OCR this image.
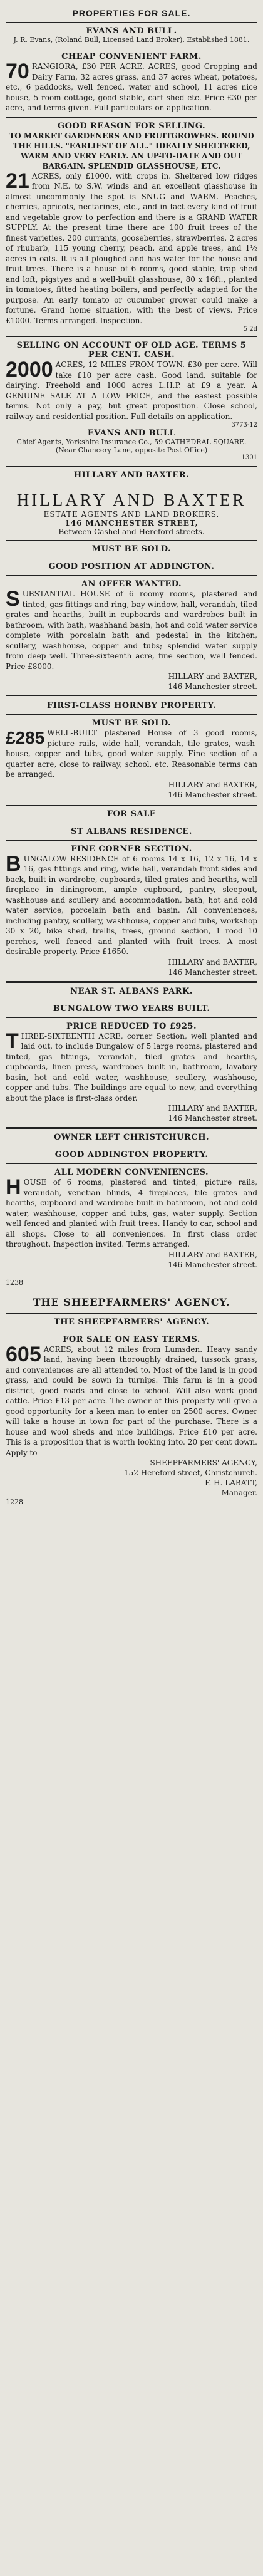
PROPERTIES FOR SALE.
EVANS AND BULL.
J. R. Evans, (Roland Bull, Licensed Land Broker). Established 1881.
CHEAP CONVENIENT FARM.
70 RANGIORA, £30 PER ACRE. ACRES, good Cropping and Dairy Farm, 32 acres grass, and 37 acres wheat, potatoes, etc., 6 paddocks, well fenced, water and school, 11 acres nice house, 5 room cottage, good stable, cart shed etc. Price £30 per acre, and terms given. Full particulars on application.
GOOD REASON FOR SELLING.
TO MARKET GARDENERS AND FRUITGROWERS. ROUND THE HILLS. "EARLIEST OF ALL." IDEALLY SHELTERED, WARM AND VERY EARLY. AN UP-TO-DATE AND OUT BARGAIN. SPLENDID GLASSHOUSE, ETC.
21 ACRES, only £1000, with crops in. Sheltered low ridges from N.E. to S.W. winds and an excellent glasshouse in almost uncommonly the spot is SNUG and WARM. Peaches, cherries, apricots, nectarines, etc., and in fact every kind of fruit and vegetable grow to perfection and there is a GRAND WATER SUPPLY. At the present time there are 100 fruit trees of the finest varieties, 200 currants, gooseberries, strawberries, 2 acres of rhubarb, 115 young cherry, peach, and apple trees, and 1½ acres in oats. It is all ploughed and has water for the house and fruit trees. There is a house of 6 rooms, good stable, trap shed and loft, pigstyes and a well-built glasshouse, 80 x 16ft., planted in tomatoes, fitted heating boilers, and perfectly adapted for the purpose. An early tomato or cucumber grower could make a fortune. Grand home situation, with the best of views. Price £1000. Terms arranged. Inspection.
5 2d
SELLING ON ACCOUNT OF OLD AGE. TERMS 5 PER CENT. CASH.
2000 ACRES, 12 MILES FROM TOWN. £30 per acre. Will take £10 per acre cash. Good land, suitable for dairying. Freehold and 1000 acres L.H.P. at £9 a year. A GENUINE SALE AT A LOW PRICE, and the easiest possible terms. Not only a pay, but great proposition. Close school, railway and residential position. Full details on application.
3773-12
EVANS AND BULL
Chief Agents, Yorkshire Insurance Co., 59 CATHEDRAL SQUARE. (Near Chancery Lane, opposite Post Office)
1301
HILLARY AND BAXTER.
HILLARY AND BAXTER
ESTATE AGENTS AND LAND BROKERS,
146 MANCHESTER STREET,
Between Cashel and Hereford streets.
MUST BE SOLD.
GOOD POSITION AT ADDINGTON.
AN OFFER WANTED.
S UBSTANTIAL HOUSE of 6 roomy rooms, plastered and tinted, gas fittings and ring, bay window, hall, verandah, tiled grates and hearths, built-in cupboards and wardrobes built in bathroom, with bath, washhand basin, hot and cold water service complete with porcelain bath and pedestal in the kitchen, scullery, washhouse, copper and tubs; splendid water supply from deep well. Three-sixteenth acre, fine section, well fenced. Price £8000.
HILLARY and BAXTER,
146 Manchester street.
FIRST-CLASS HORNBY PROPERTY.
MUST BE SOLD.
£285 WELL-BUILT plastered House of 3 good rooms, picture rails, wide hall, verandah, tile grates, wash-house, copper and tubs, good water supply. Fine section of a quarter acre, close to railway, school, etc. Reasonable terms can be arranged.
HILLARY and BAXTER,
146 Manchester street.
FOR SALE
ST ALBANS RESIDENCE.
FINE CORNER SECTION.
B UNGALOW RESIDENCE of 6 rooms 14 x 16, 12 x 16, 14 x 16, gas fittings and ring, wide hall, verandah front sides and back, built-in wardrobe, cupboards, tiled grates and hearths, well fireplace in diningroom, ample cupboard, pantry, sleepout, washhouse and scullery and accommodation, bath, hot and cold water service, porcelain bath and basin. All conveniences, including pantry, scullery, washhouse, copper and tubs, workshop 30 x 20, bike shed, trellis, trees, ground section, 1 rood 10 perches, well fenced and planted with fruit trees. A most desirable property. Price £1650.
HILLARY and BAXTER,
146 Manchester street.
NEAR ST. ALBANS PARK.
BUNGALOW TWO YEARS BUILT.
PRICE REDUCED TO £925.
T HREE-SIXTEENTH ACRE, corner Section, well planted and laid out, to include Bungalow of 5 large rooms, plastered and tinted, gas fittings, verandah, tiled grates and hearths, cupboards, linen press, wardrobes built in, bathroom, lavatory basin, hot and cold water, washhouse, scullery, washhouse, copper and tubs. The buildings are equal to new, and everything about the place is first-class order.
HILLARY and BAXTER,
146 Manchester street.
OWNER LEFT CHRISTCHURCH.
GOOD ADDINGTON PROPERTY.
ALL MODERN CONVENIENCES.
H OUSE of 6 rooms, plastered and tinted, picture rails, verandah, venetian blinds, 4 fireplaces, tile grates and hearths, cupboard and wardrobe built-in bathroom, hot and cold water, washhouse, copper and tubs, gas, water supply. Section well fenced and planted with fruit trees. Handy to car, school and all shops. Close to all conveniences. In first class order throughout. Inspection invited. Terms arranged.
HILLARY and BAXTER,
146 Manchester street.
1238
THE SHEEPFARMERS' AGENCY.
THE SHEEPFARMERS' AGENCY.
FOR SALE ON EASY TERMS.
605 ACRES, about 12 miles from Lumsden. Heavy sandy land, having been thoroughly drained, tussock grass, and conveniences are all attended to. Most of the land is in good grass, and could be sown in turnips. This farm is in a good district, good roads and close to school. Will also work good cattle. Price £13 per acre. The owner of this property will give a good opportunity for a keen man to enter on 2500 acres. Owner will take a house in town for part of the purchase. There is a house and wool sheds and nice buildings. Price £10 per acre. This is a proposition that is worth looking into. 20 per cent down. Apply to
SHEEPFARMERS' AGENCY,
152 Hereford street, Christchurch.
F. H. LABATT,
Manager.
1228
